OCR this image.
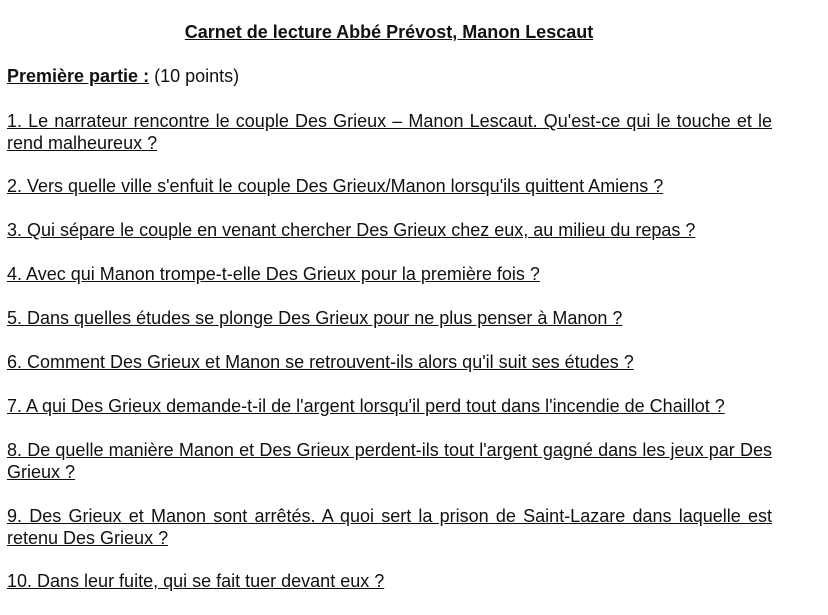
Carnet de lecture Abbé Prévost, Manon Lescaut

Première partie : (10 points)

1. Le narrateur rencontre le couple Des Grieux – Manon Lescaut. Qu'est-ce qui le touche et le rend malheureux ?

2. Vers quelle ville s'enfuit le couple Des Grieux/Manon lorsqu'ils quittent Amiens ?

3. Qui sépare le couple en venant chercher Des Grieux chez eux, au milieu du repas ?

4. Avec qui Manon trompe-t-elle Des Grieux pour la première fois ?

5. Dans quelles études se plonge Des Grieux pour ne plus penser à Manon ?

6. Comment Des Grieux et Manon se retrouvent-ils alors qu'il suit ses études ?

7. A qui Des Grieux demande-t-il de l'argent lorsqu'il perd tout dans l'incendie de Chaillot ?

8. De quelle manière Manon et Des Grieux perdent-ils tout l'argent gagné dans les jeux par Des Grieux ?

9. Des Grieux et Manon sont arrêtés. A quoi sert la prison de Saint-Lazare dans laquelle est retenu Des Grieux ?

10. Dans leur fuite, qui se fait tuer devant eux ?
